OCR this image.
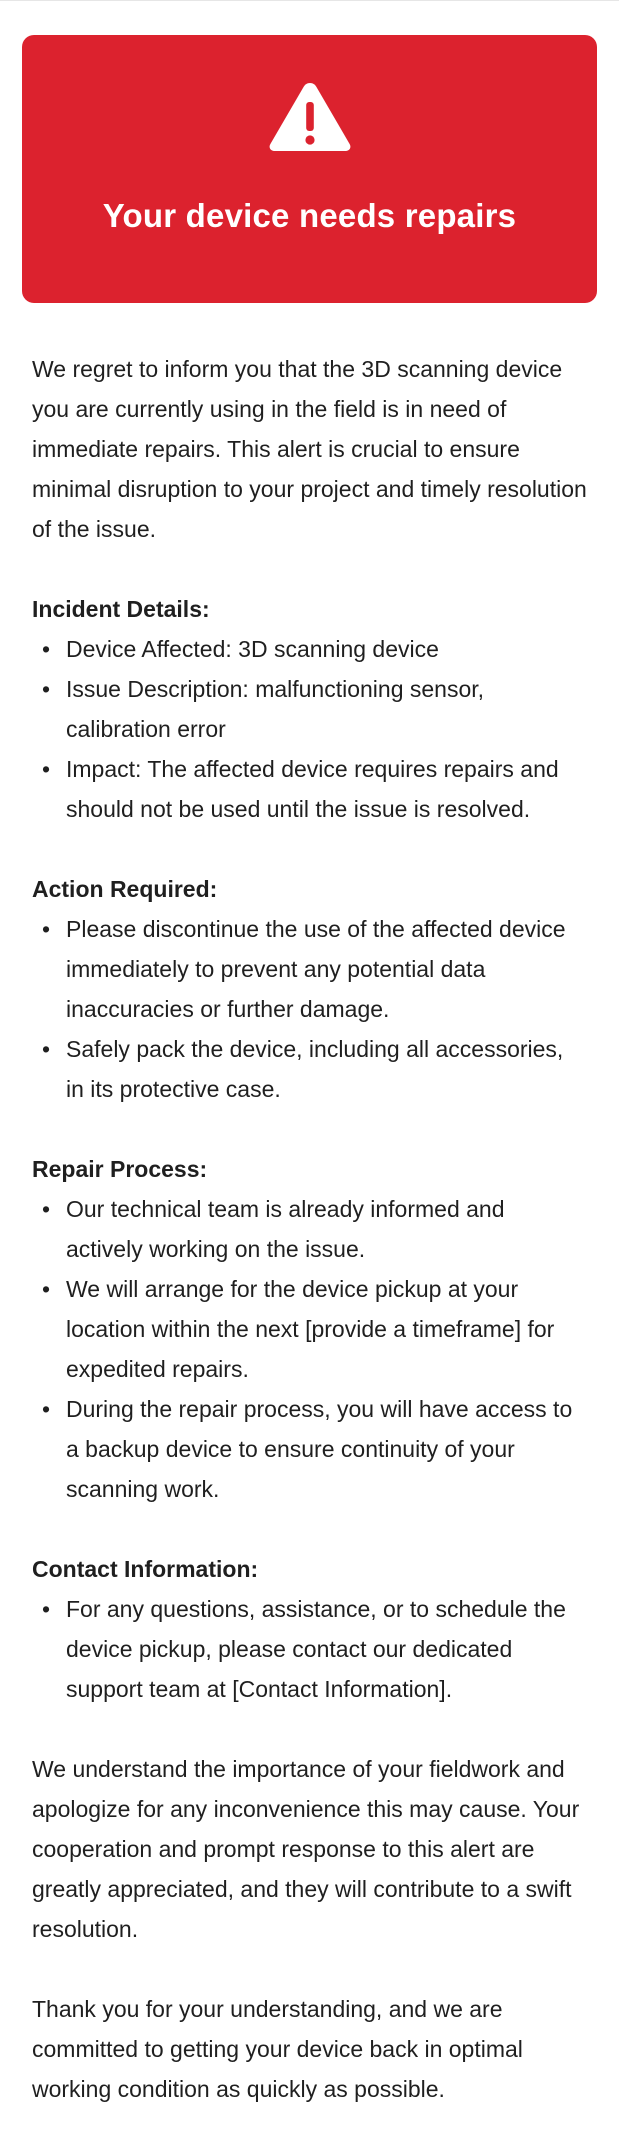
Your device needs repairs

We regret to inform you that the 3D scanning device you are currently using in the field is in need of immediate repairs. This alert is crucial to ensure minimal disruption to your project and timely resolution of the issue.

Incident Details:

• Device Affected: 3D scanning device
• Issue Description: malfunctioning sensor, calibration error
• Impact: The affected device requires repairs and should not be used until the issue is resolved.

Action Required:

• Please discontinue the use of the affected device immediately to prevent any potential data inaccuracies or further damage.
• Safely pack the device, including all accessories, in its protective case.

Repair Process:

• Our technical team is already informed and actively working on the issue.
• We will arrange for the device pickup at your location within the next [provide a timeframe] for expedited repairs.
• During the repair process, you will have access to a backup device to ensure continuity of your scanning work.

Contact Information:

• For any questions, assistance, or to schedule the device pickup, please contact our dedicated support team at [Contact Information].

We understand the importance of your fieldwork and apologize for any inconvenience this may cause. Your cooperation and prompt response to this alert are greatly appreciated, and they will contribute to a swift resolution.

Thank you for your understanding, and we are committed to getting your device back in optimal working condition as quickly as possible.
